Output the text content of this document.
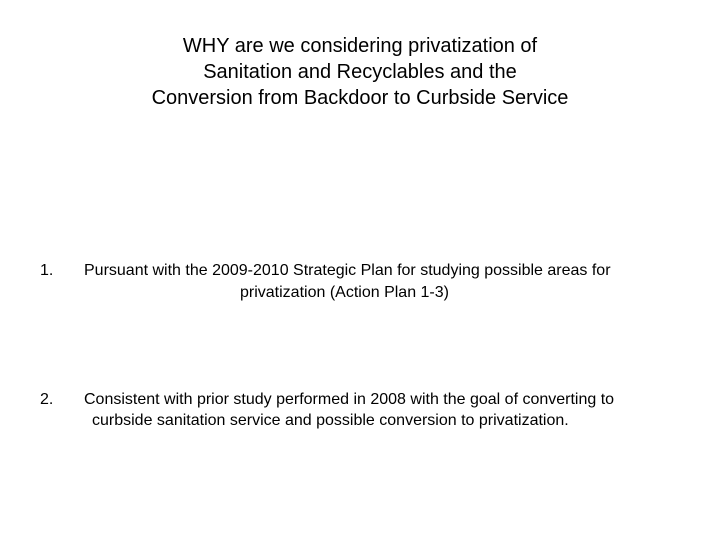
WHY are we considering privatization of
Sanitation and Recyclables and the
Conversion from Backdoor to Curbside Service
1. Pursuant with the 2009-2010 Strategic Plan for studying possible areas for
privatization (Action Plan 1-3)
2. Consistent with prior study performed in 2008 with the goal of converting to
curbside sanitation service and possible conversion to privatization.
